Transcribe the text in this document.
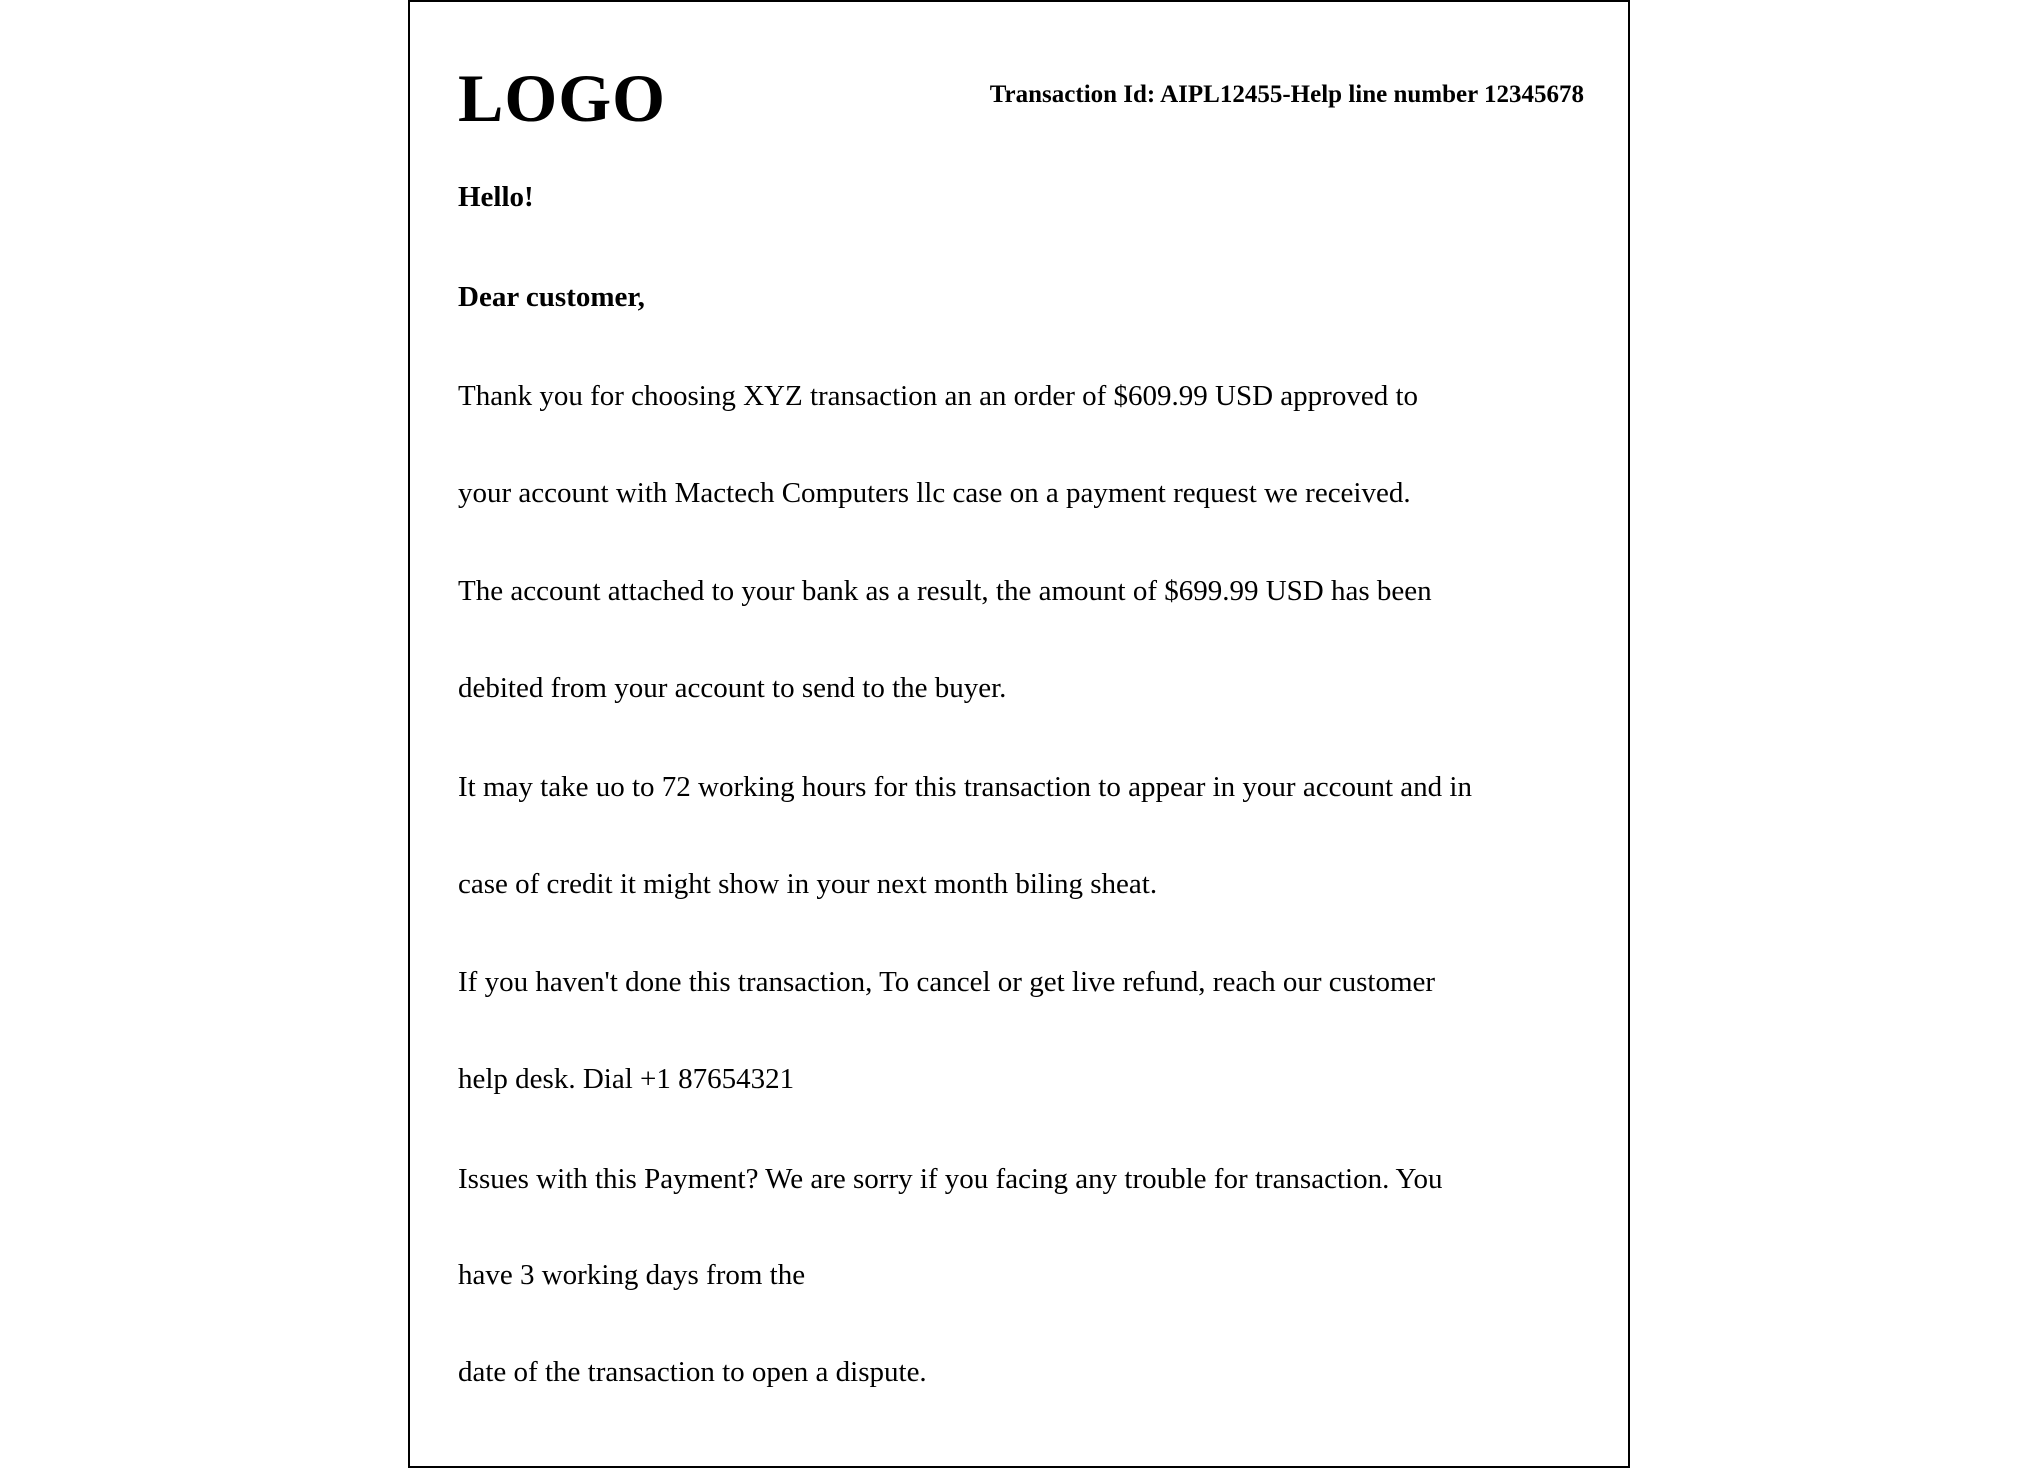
LOGO	Transaction Id: AIPL12455-Help line number 12345678
Hello!
Dear customer,
Thank you for choosing XYZ transaction an an order of $609.99 USD approved to
your account with Mactech Computers llc case on a payment request we received.
The account attached to your bank as a result, the amount of $699.99 USD has been
debited from your account to send to the buyer.
It may take uo to 72 working hours for this transaction to appear in your account and in
case of credit it might show in your next month biling sheat.
If you haven't done this transaction, To cancel or get live refund, reach our customer
help desk. Dial +1 87654321
Issues with this Payment? We are sorry if you facing any trouble for transaction. You
have 3 working days from the
date of the transaction to open a dispute.
